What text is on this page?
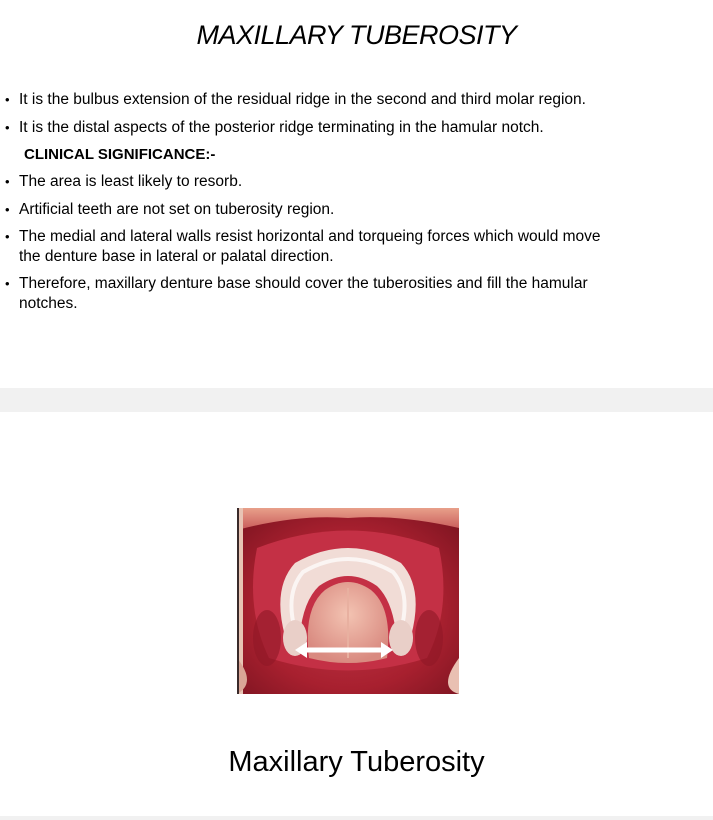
MAXILLARY TUBEROSITY
• It is the bulbus extension of the residual ridge in the second and third molar region.
• It is the distal aspects of the posterior ridge terminating in the hamular notch.
CLINICAL SIGNIFICANCE:-
• The area is least likely to resorb.
• Artificial teeth are not set on tuberosity region.
• The medial and lateral walls resist horizontal and torqueing forces which would move the denture base in lateral or palatal direction.
• Therefore, maxillary denture base should cover the tuberosities and fill the hamular notches.
Maxillary Tuberosity
